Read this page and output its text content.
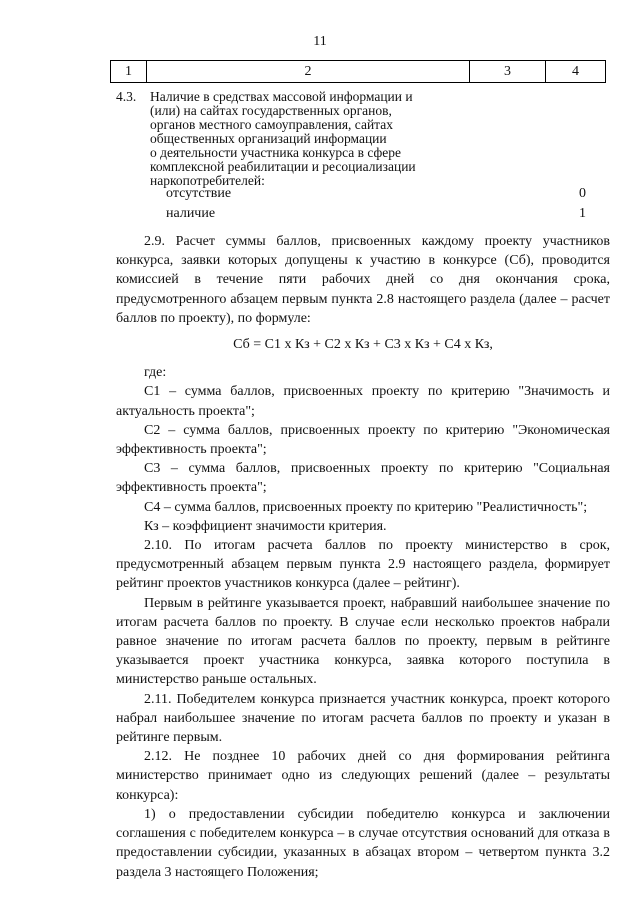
11
1	2	3	4
4.3. Наличие в средствах массовой информации и
(или) на сайтах государственных органов,
органов местного самоуправления, сайтах
общественных организаций информации
о деятельности участника конкурса в сфере
комплексной реабилитации и ресоциализации
наркопотребителей:
отсутствие	0
наличие	1

2.9. Расчет суммы баллов, присвоенных каждому проекту участников конкурса, заявки которых допущены к участию в конкурсе (Сб), проводится комиссией в течение пяти рабочих дней со дня окончания срока, предусмотренного абзацем первым пункта 2.8 настоящего раздела (далее – расчет баллов по проекту), по формуле:

Сб = С1 x Кз + С2 x Кз + С3 x Кз + С4 x Кз,

где:

С1 – сумма баллов, присвоенных проекту по критерию "Значимость и актуальность проекта";

С2 – сумма баллов, присвоенных проекту по критерию "Экономическая эффективность проекта";

С3 – сумма баллов, присвоенных проекту по критерию "Социальная эффективность проекта";

С4 – сумма баллов, присвоенных проекту по критерию "Реалистичность";

Кз – коэффициент значимости критерия.

2.10. По итогам расчета баллов по проекту министерство в срок, предусмотренный абзацем первым пункта 2.9 настоящего раздела, формирует рейтинг проектов участников конкурса (далее – рейтинг).

Первым в рейтинге указывается проект, набравший наибольшее значение по итогам расчета баллов по проекту. В случае если несколько проектов набрали равное значение по итогам расчета баллов по проекту, первым в рейтинге указывается проект участника конкурса, заявка которого поступила в министерство раньше остальных.

2.11. Победителем конкурса признается участник конкурса, проект которого набрал наибольшее значение по итогам расчета баллов по проекту и указан в рейтинге первым.

2.12. Не позднее 10 рабочих дней со дня формирования рейтинга министерство принимает одно из следующих решений (далее – результаты конкурса):

1) о предоставлении субсидии победителю конкурса и заключении соглашения с победителем конкурса – в случае отсутствия оснований для отказа в предоставлении субсидии, указанных в абзацах втором – четвертом пункта 3.2 раздела 3 настоящего Положения;
